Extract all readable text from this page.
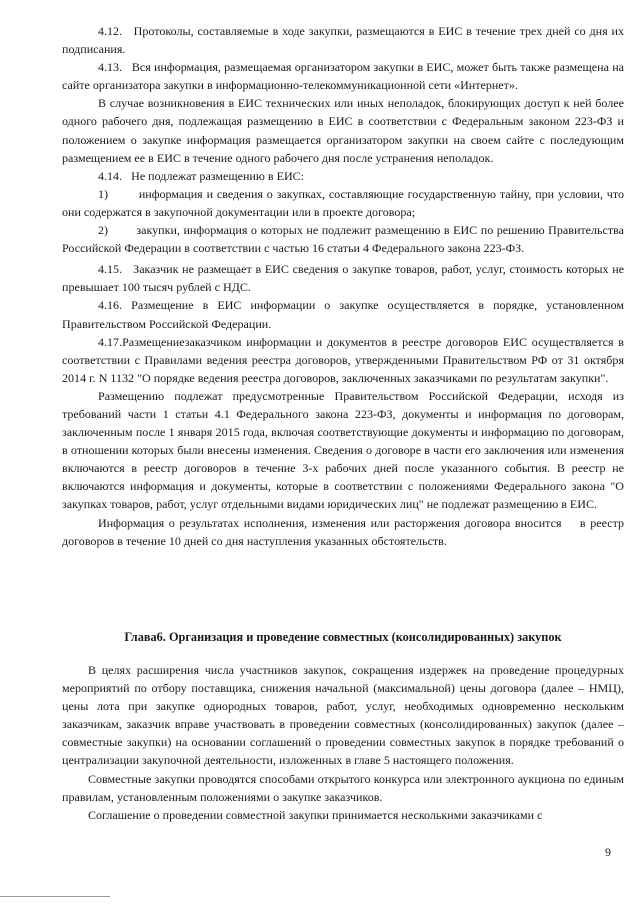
4.12.   Протоколы, составляемые в ходе закупки, размещаются в ЕИС в течение трех дней со дня их подписания.

4.13.   Вся информация, размещаемая организатором закупки в ЕИС, может быть также размещена на сайте организатора закупки в информационно-телекоммуникационной сети «Интернет».

В случае возникновения в ЕИС технических или иных неполадок, блокирующих доступ к ней более одного рабочего дня, подлежащая размещению в ЕИС в соответствии с Федеральным законом 223-ФЗ и положением о закупке информация размещается организатором закупки на своем сайте с последующим размещением ее в ЕИС в течение одного рабочего дня после устранения неполадок.

4.14.   Не подлежат размещению в ЕИС:

1)        информация и сведения о закупках, составляющие государственную тайну, при условии, что они содержатся в закупочной документации или в проекте договора;

2)        закупки, информация о которых не подлежит размещению в ЕИС по решению Правительства Российской Федерации в соответствии с частью 16 статьи 4 Федерального закона 223-ФЗ.

4.15.   Заказчик не размещает в ЕИС сведения о закупке товаров, работ, услуг, стоимость которых не превышает 100 тысяч рублей с НДС.

4.16. Размещение в ЕИС информации о закупке осуществляется в порядке, установленном Правительством Российской Федерации.

4.17.Размещениезаказчиком информации и документов в реестре договоров ЕИС осуществляется в соответствии с Правилами ведения реестра договоров, утвержденными Правительством РФ от 31 октября 2014 г. N 1132 "О порядке ведения реестра договоров, заключенных заказчиками по результатам закупки".

Размещению подлежат предусмотренные Правительством Российской Федерации, исходя из требований части 1 статьи 4.1 Федерального закона 223-ФЗ, документы и информация по договорам, заключенным после 1 января 2015 года, включая соответствующие документы и информацию по договорам, в отношении которых были внесены изменения. Сведения о договоре в части его заключения или изменения включаются в реестр договоров в течение 3-х рабочих дней после указанного события. В реестр не включаются информация и документы, которые в соответствии с положениями Федерального закона "О закупках товаров, работ, услуг отдельными видами юридических лиц" не подлежат размещению в ЕИС.

Информация о результатах исполнения, изменения или расторжения договора вносится    в реестр договоров в течение 10 дней со дня наступления указанных обстоятельств.

Глава6. Организация и проведение совместных (консолидированных) закупок

В целях расширения числа участников закупок, сокращения издержек на проведение процедурных мероприятий по отбору поставщика, снижения начальной (максимальной) цены договора (далее – НМЦ), цены лота при закупке однородных товаров, работ, услуг, необходимых одновременно нескольким заказчикам, заказчик вправе участвовать в проведении совместных (консолидированных) закупок (далее – совместные закупки) на основании соглашений о проведении совместных закупок в порядке требований о централизации закупочной деятельности, изложенных в главе 5 настоящего положения.

Совместные закупки проводятся способами открытого конкурса или электронного аукциона по единым правилам, установленным положениями о закупке заказчиков.

Соглашение о проведении совместной закупки принимается несколькими заказчиками с

9
